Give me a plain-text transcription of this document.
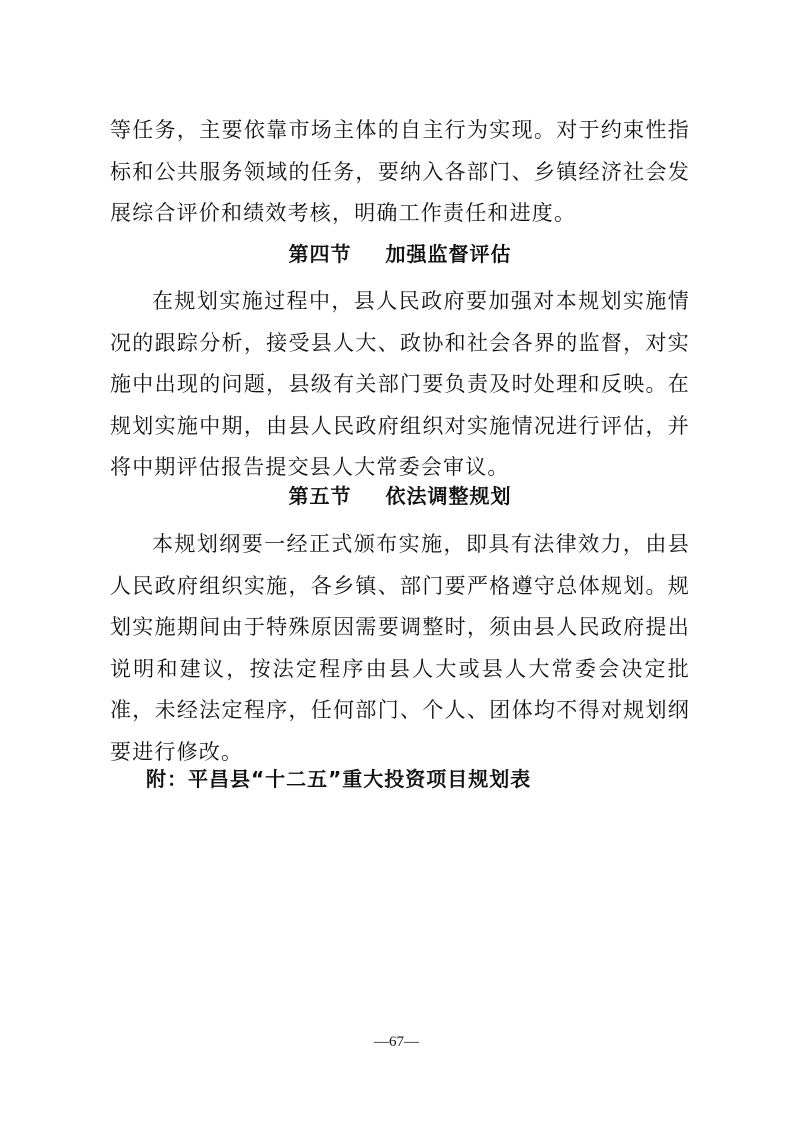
等任务，主要依靠市场主体的自主行为实现。对于约束性指标和公共服务领域的任务，要纳入各部门、乡镇经济社会发展综合评价和绩效考核，明确工作责任和进度。

第四节 加强监督评估

在规划实施过程中，县人民政府要加强对本规划实施情况的跟踪分析，接受县人大、政协和社会各界的监督，对实施中出现的问题，县级有关部门要负责及时处理和反映。在规划实施中期，由县人民政府组织对实施情况进行评估，并将中期评估报告提交县人大常委会审议。

第五节 依法调整规划

本规划纲要一经正式颁布实施，即具有法律效力，由县人民政府组织实施，各乡镇、部门要严格遵守总体规划。规划实施期间由于特殊原因需要调整时，须由县人民政府提出说明和建议，按法定程序由县人大或县人大常委会决定批准，未经法定程序，任何部门、个人、团体均不得对规划纲要进行修改。

附：平昌县“十二五”重大投资项目规划表

—67—
